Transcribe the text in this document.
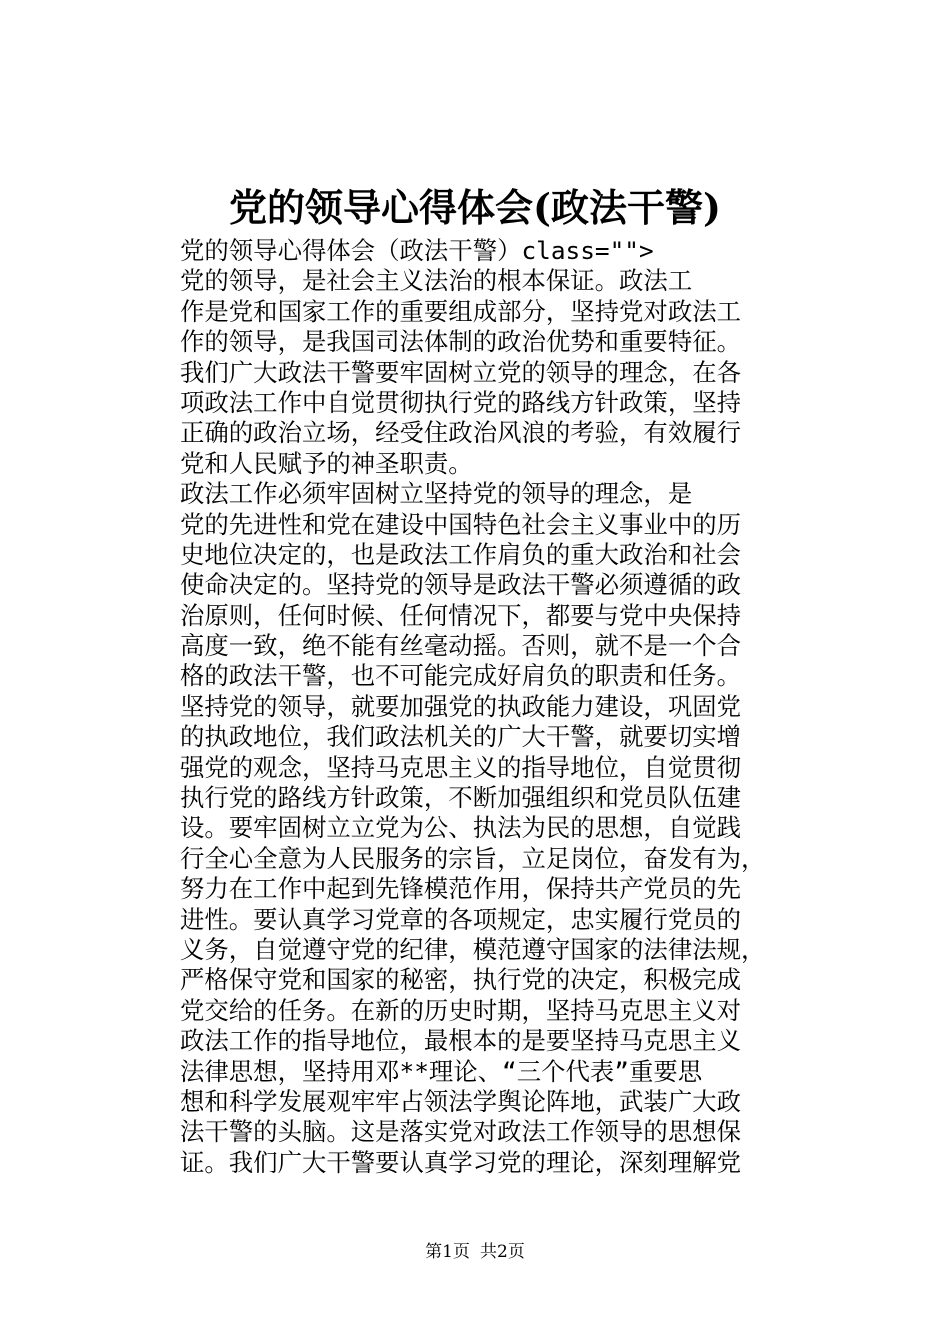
党的领导心得体会(政法干警)
党的领导心得体会（政法干警）class="">
党的领导，是社会主义法治的根本保证。政法工
作是党和国家工作的重要组成部分，坚持党对政法工
作的领导，是我国司法体制的政治优势和重要特征。
我们广大政法干警要牢固树立党的领导的理念，在各
项政法工作中自觉贯彻执行党的路线方针政策，坚持
正确的政治立场，经受住政治风浪的考验，有效履行
党和人民赋予的神圣职责。
政法工作必须牢固树立坚持党的领导的理念，是
党的先进性和党在建设中国特色社会主义事业中的历
史地位决定的，也是政法工作肩负的重大政治和社会
使命决定的。坚持党的领导是政法干警必须遵循的政
治原则，任何时候、任何情况下，都要与党中央保持
高度一致，绝不能有丝毫动摇。否则，就不是一个合
格的政法干警，也不可能完成好肩负的职责和任务。
坚持党的领导，就要加强党的执政能力建设，巩固党
的执政地位，我们政法机关的广大干警，就要切实增
强党的观念，坚持马克思主义的指导地位，自觉贯彻
执行党的路线方针政策，不断加强组织和党员队伍建
设。要牢固树立立党为公、执法为民的思想，自觉践
行全心全意为人民服务的宗旨，立足岗位，奋发有为，
努力在工作中起到先锋模范作用，保持共产党员的先
进性。要认真学习党章的各项规定，忠实履行党员的
义务，自觉遵守党的纪律，模范遵守国家的法律法规，
严格保守党和国家的秘密，执行党的决定，积极完成
党交给的任务。在新的历史时期，坚持马克思主义对
政法工作的指导地位，最根本的是要坚持马克思主义
法律思想，坚持用邓**理论、“三个代表”重要思
想和科学发展观牢牢占领法学舆论阵地，武装广大政
法干警的头脑。这是落实党对政法工作领导的思想保
证。我们广大干警要认真学习党的理论，深刻理解党
第1页 共2页
